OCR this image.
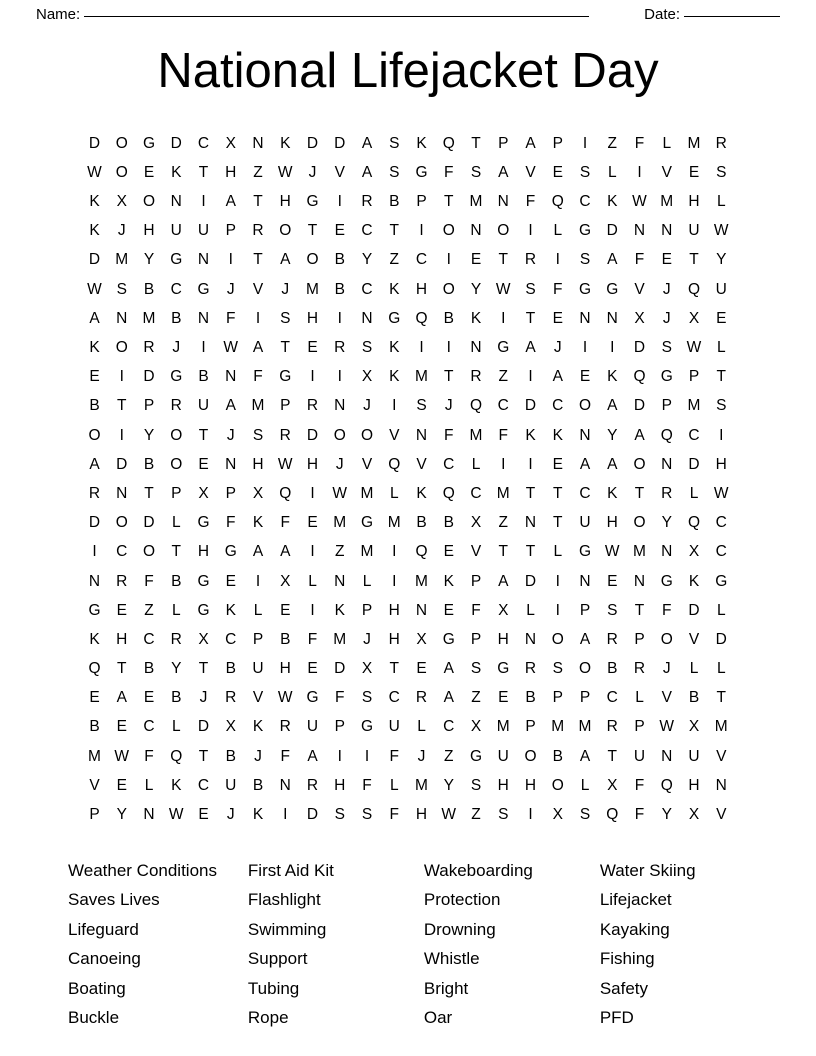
Name:	Date:
National Lifejacket Day
D	O G	D	C	X	N	K	D	D	A	S	K	Q	T	P	A	P	I	Z	F	L	M R
W O	E	K	T	H	Z W	J	V	A	S	G	F	S	A	V	E	S	L	I	V	E	S
K	X	O	N	I	A	T	H	G	I	R	B	P	T	M N	F	Q	C	K W M H	L
K	J	H	U	U	P	R	O	T	E	C	T	I	O	N	O	I	L	G	D	N	N	U W
D M	Y	G	N	I	T	A	O	B	Y	Z	C	I	E	T	R	I	S	A	F	E	T	Y
W S	B	C	G	J	V	J	M	B	C	K	H	O	Y W S	F	G G	V	J	Q	U
A	N M	B	N	F	I	S	H	I	N	G Q	B	K	I	T	E	N	N	X	J	X	E
K	O	R	J	I	W A	T	E	R	S	K	I	I	N	G	A	J	I	I	D	S W	L
E	I	D	G	B	N	F	G	I	I	X	K	M	T	R	Z	I	A	E	K	Q G	P	T
B	T	P	R	U	A	M	P	R	N	J	I	S	J	Q	C	D	C	O	A	D	P	M	S
O	I	Y	O	T	J	S	R	D	O O	V	N	F	M	F	K	K	N	Y	A	Q	C	I
A	D	B	O	E	N	H W H	J	V	Q	V	C	L	I	I	E	A	A	O	N	D	H
R	N	T	P	X	P	X	Q	I	W M	L	K	Q	C M	T	T	C	K	T	R	L	W
D	O	D	L	G	F	K	F	E	M G M	B	B	X	Z	N	T	U	H	O	Y	Q	C
I	C	O	T	H	G	A	A	I	Z	M	I	Q	E	V	T	T	L	G W M N	X	C
N	R	F	B	G	E	I	X	L	N	L	I	M	K	P	A	D	I	N	E	N	G	K	G
G	E	Z	L	G	K	L	E	I	K	P	H	N	E	F	X	L	I	P	S	T	F	D	L
K	H	C	R	X	C	P	B	F	M	J	H	X	G	P	H	N	O	A	R	P	O	V	D
Q	T	B	Y	T	B	U	H	E	D	X	T	E	A	S	G	R	S	O	B	R	J	L	L
E	A	E	B	J	R	V W G	F	S	C	R	A	Z	E	B	P	P	C	L	V	B	T
B	E	C	L	D	X	K	R	U	P	G	U	L	C	X	M	P	M M R	P W X	M
M W F	Q	T	B	J	F	A	I	I	F	J	Z	G	U	O	B	A	T	U	N	U	V
V	E	L	K	C	U	B	N	R	H	F	L	M	Y	S	H	H	O	L	X	F	Q	H	N
P	Y	N W E	J	K	I	D	S	S	F	H W Z	S	I	X	S	Q	F	Y	X	V
Weather Conditions
Saves Lives
Lifeguard
Canoeing
Boating
Buckle
First Aid Kit
Flashlight
Swimming
Support
Tubing
Rope
Wakeboarding
Protection
Drowning
Whistle
Bright
Oar
Water Skiing
Lifejacket
Kayaking
Fishing
Safety
PFD
